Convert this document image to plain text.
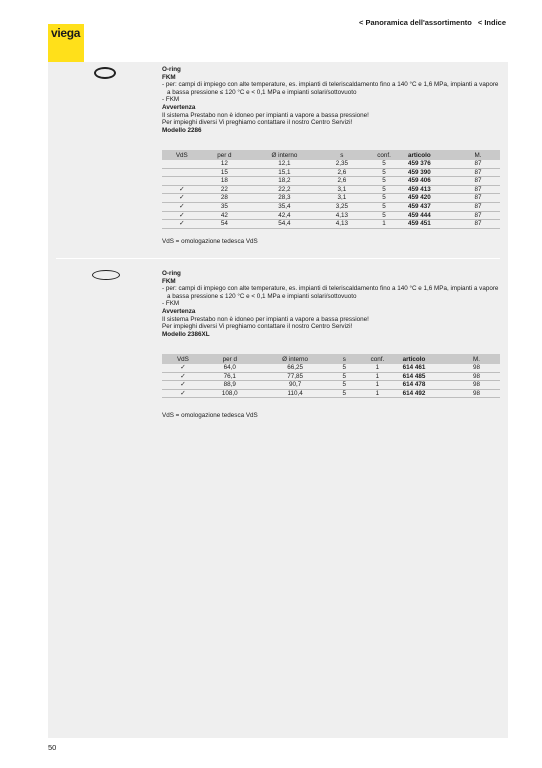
viega
< Panoramica dell'assortimento < Indice
O-ring
FKM
- per: campi di impiego con alte temperature, es. impianti di teleriscaldamento fino a 140 °C e 1,6 MPa, impianti a vapore a bassa pressione ≤ 120 °C e < 0,1 MPa e impianti solari/sottovuoto
- FKM
Avvertenza
Il sistema Prestabo non è idoneo per impianti a vapore a bassa pressione!
Per impieghi diversi Vi preghiamo contattare il nostro Centro Servizi!
Modello 2286
VdS	per d	Ø interno	s	conf.	articolo	M.
	12	12,1	2,35	5	459 376	87
	15	15,1	2,6	5	459 390	87
	18	18,2	2,6	5	459 406	87
✓	22	22,2	3,1	5	459 413	87
✓	28	28,3	3,1	5	459 420	87
✓	35	35,4	3,25	5	459 437	87
✓	42	42,4	4,13	5	459 444	87
✓	54	54,4	4,13	1	459 451	87
VdS = omologazione tedesca VdS
O-ring
FKM
- per: campi di impiego con alte temperature, es. impianti di teleriscaldamento fino a 140 °C e 1,6 MPa, impianti a vapore a bassa pressione ≤ 120 °C e < 0,1 MPa e impianti solari/sottovuoto
- FKM
Avvertenza
Il sistema Prestabo non è idoneo per impianti a vapore a bassa pressione!
Per impieghi diversi Vi preghiamo contattare il nostro Centro Servizi!
Modello 2386XL
VdS	per d	Ø interno	s	conf.	articolo	M.
✓	64,0	66,25	5	1	614 461	98
✓	76,1	77,85	5	1	614 485	98
✓	88,9	90,7	5	1	614 478	98
✓	108,0	110,4	5	1	614 492	98
VdS = omologazione tedesca VdS
50
